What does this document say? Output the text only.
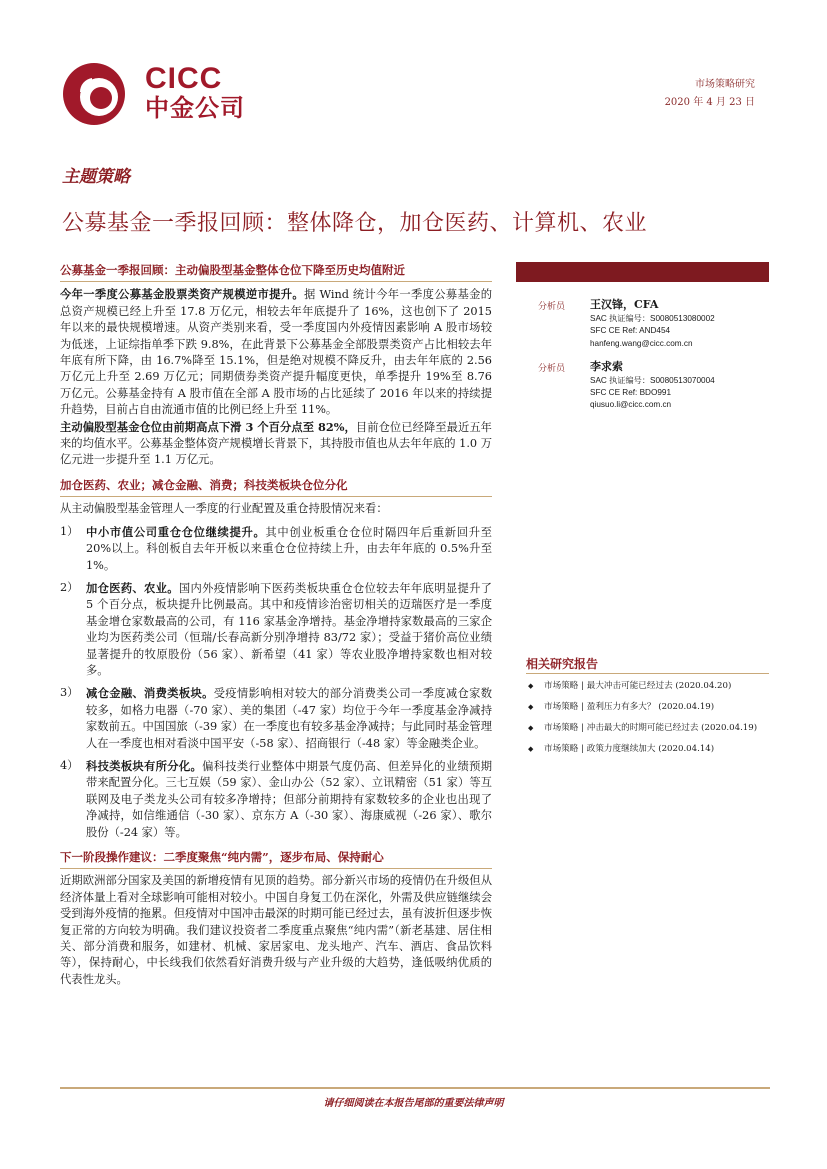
CICC
中金公司
市场策略研究
2020 年 4 月 23 日
主题策略
公募基金一季报回顾：整体降仓，加仓医药、计算机、农业
公募基金一季报回顾：主动偏股型基金整体仓位下降至历史均值附近

今年一季度公募基金股票类资产规模逆市提升。据 Wind 统计今年一季度公募基金的总资产规模已经上升至 17.8 万亿元，相较去年年底提升了 16%，这也创下了 2015 年以来的最快规模增速。从资产类别来看，受一季度国内外疫情因素影响 A 股市场较为低迷，上证综指单季下跌 9.8%，在此背景下公募基金全部股票类资产占比相较去年年底有所下降，由 16.7%降至 15.1%，但是绝对规模不降反升，由去年年底的 2.56 万亿元上升至 2.69 万亿元；同期债券类资产提升幅度更快，单季提升 19%至 8.76 万亿元。公募基金持有 A 股市值在全部 A 股市场的占比延续了 2016 年以来的持续提升趋势，目前占自由流通市值的比例已经上升至 11%。

主动偏股型基金仓位由前期高点下滑 3 个百分点至 82%，目前仓位已经降至最近五年来的均值水平。公募基金整体资产规模增长背景下，其持股市值也从去年年底的 1.0 万亿元进一步提升至 1.1 万亿元。

加仓医药、农业；减仓金融、消费；科技类板块仓位分化

从主动偏股型基金管理人一季度的行业配置及重仓持股情况来看：

1） 中小市值公司重仓仓位继续提升。其中创业板重仓仓位时隔四年后重新回升至 20%以上。科创板自去年开板以来重仓仓位持续上升，由去年年底的 0.5%升至 1%。
2） 加仓医药、农业。国内外疫情影响下医药类板块重仓仓位较去年年底明显提升了 5 个百分点，板块提升比例最高。其中和疫情诊治密切相关的迈瑞医疗是一季度基金增仓家数最高的公司，有 116 家基金净增持。基金净增持家数最高的三家企业均为医药类公司（恒瑞/长春高新分别净增持 83/72 家）；受益于猪价高位业绩显著提升的牧原股份（56 家）、新希望（41 家）等农业股净增持家数也相对较多。
3） 减仓金融、消费类板块。受疫情影响相对较大的部分消费类公司一季度减仓家数较多，如格力电器（-70 家）、美的集团（-47 家）均位于今年一季度基金净减持家数前五。中国国旅（-39 家）在一季度也有较多基金净减持；与此同时基金管理人在一季度也相对看淡中国平安（-58 家）、招商银行（-48 家）等金融类企业。
4） 科技类板块有所分化。偏科技类行业整体中期景气度仍高、但差异化的业绩预期带来配置分化。三七互娱（59 家）、金山办公（52 家）、立讯精密（51 家）等互联网及电子类龙头公司有较多净增持；但部分前期持有家数较多的企业也出现了净减持，如信维通信（-30 家）、京东方 A（-30 家）、海康威视（-26 家）、歌尔股份（-24 家）等。
下一阶段操作建议：二季度聚焦“纯内需”，逐步布局、保持耐心

近期欧洲部分国家及美国的新增疫情有见顶的趋势。部分新兴市场的疫情仍在升级但从经济体量上看对全球影响可能相对较小。中国自身复工仍在深化，外需及供应链继续会受到海外疫情的拖累。但疫情对中国冲击最深的时期可能已经过去，虽有波折但逐步恢复正常的方向较为明确。我们建议投资者二季度重点聚焦“纯内需”（新老基建、居住相关、部分消费和服务，如建材、机械、家居家电、龙头地产、汽车、酒店、食品饮料等），保持耐心，中长线我们依然看好消费升级与产业升级的大趋势，逢低吸纳优质的代表性龙头。

分析员	王汉锋，CFA
SAC 执证编号：S0080513080002
SFC CE Ref: AND454
hanfeng.wang@cicc.com.cn
分析员	李求索
SAC 执证编号：S0080513070004
SFC CE Ref: BDO991
qiusuo.li@cicc.com.cn
相关研究报告
◆	市场策略 | 最大冲击可能已经过去 (2020.04.20)
◆	市场策略 | 盈利压力有多大？ (2020.04.19)
◆	市场策略 | 冲击最大的时期可能已经过去 (2020.04.19)
◆	市场策略 | 政策力度继续加大 (2020.04.14)
请仔细阅读在本报告尾部的重要法律声明
